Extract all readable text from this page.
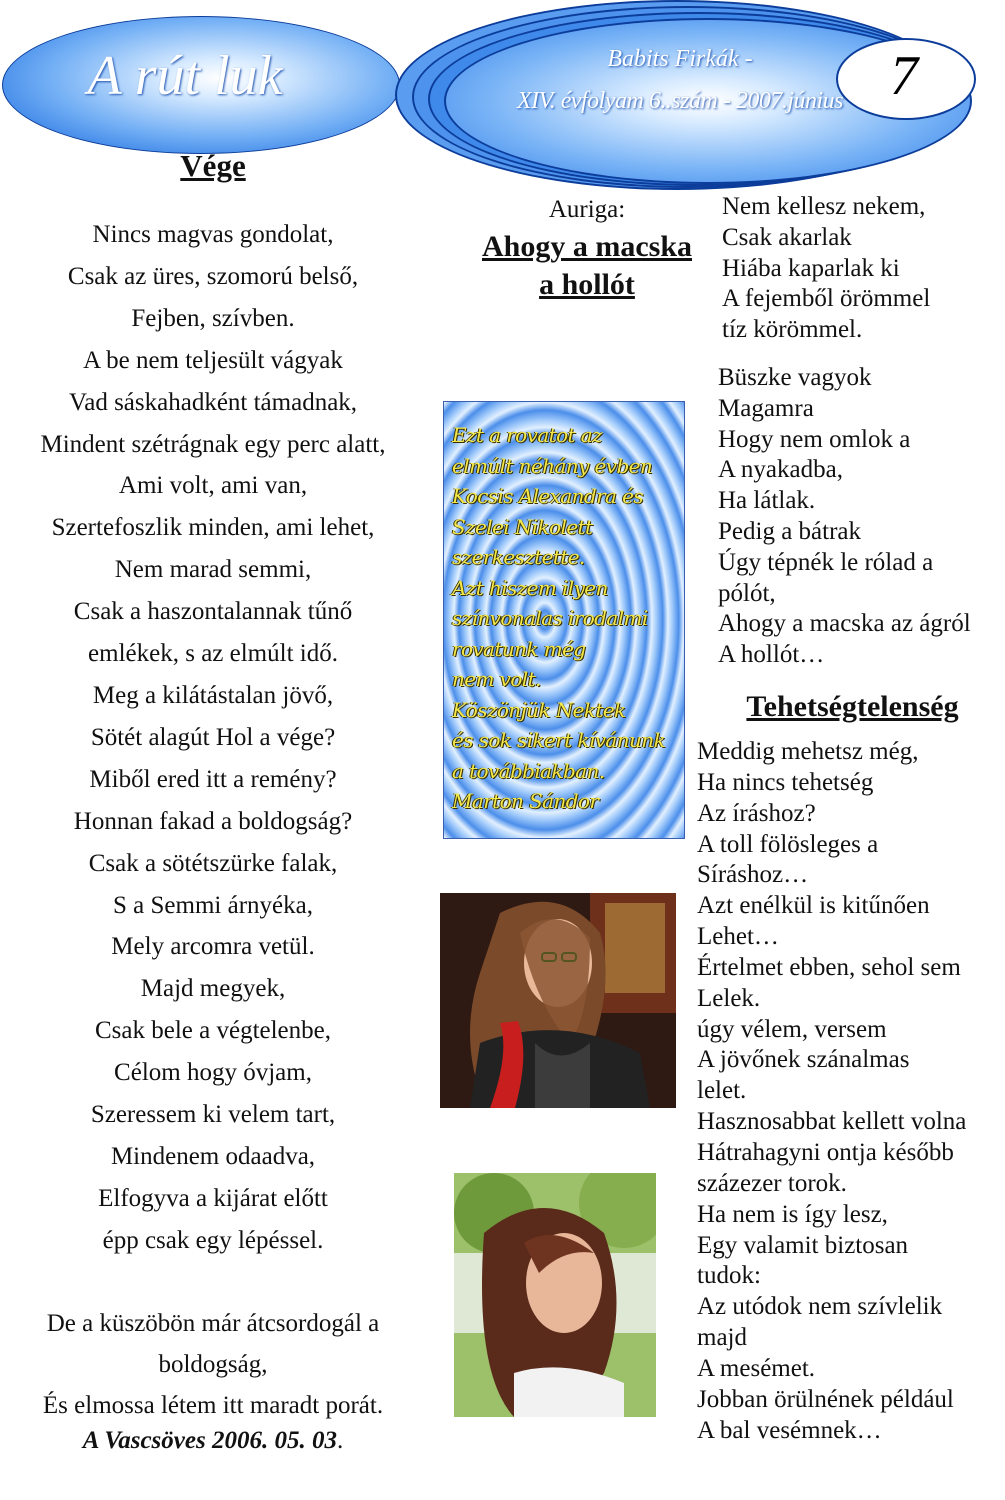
A rút luk	Babits Firkák -
XIV. évfolyam 6..szám - 2007.június 7
Vége
Nincs magvas gondolat,
Csak az üres, szomorú belső,
Fejben, szívben.
A be nem teljesült vágyak
Vad sáskahadként támadnak,
Mindent szétrágnak egy perc alatt,
Ami volt, ami van,
Szertefoszlik minden, ami lehet,
Nem marad semmi,
Csak a haszontalannak tűnő
emlékek, s az elmúlt idő.
Meg a kilátástalan jövő,
Sötét alagút Hol a vége?
Miből ered itt a remény?
Honnan fakad a boldogság?
Csak a sötétszürke falak,
S a Semmi árnyéka,
Mely arcomra vetül.
Majd megyek,
Csak bele a végtelenbe,
Célom hogy óvjam,
Szeressem ki velem tart,
Mindenem odaadva,
Elfogyva a kijárat előtt
épp csak egy lépéssel.
De a küszöbön már átcsordogál a
boldogság,
És elmossa létem itt maradt porát.
A Vascsöves 2006. 05. 03.
Auriga:
Ahogy a macska
a hollót
Ezt a rovatot az
elmúlt néhány évben
Kocsis Alexandra és
Szelei Nikolett
szerkesztette.
Azt hiszem ilyen
színvonalas irodalmi
rovatunk még
nem volt.
Köszönjük Nektek
és sok sikert kívánunk
a továbbiakban.
Marton Sándor
Nem kellesz nekem,
Csak akarlak
Hiába kaparlak ki
A fejemből örömmel
tíz körömmel.
Büszke vagyok
Magamra
Hogy nem omlok a
A nyakadba,
Ha látlak.
Pedig a bátrak
Úgy tépnék le rólad a
pólót,
Ahogy a macska az ágról
A hollót…
Tehetségtelenség
Meddig mehetsz még,
Ha nincs tehetség
Az íráshoz?
A toll fölösleges a
Síráshoz…
Azt enélkül is kitűnően
Lehet…
Értelmet ebben, sehol sem
Lelek.
úgy vélem, versem
A jövőnek szánalmas
lelet.
Hasznosabbat kellett volna
Hátrahagyni ontja később
százezer torok.
Ha nem is így lesz,
Egy valamit biztosan
tudok:
Az utódok nem szívlelik
majd
A mesémet.
Jobban örülnének például
A bal vesémnek…
